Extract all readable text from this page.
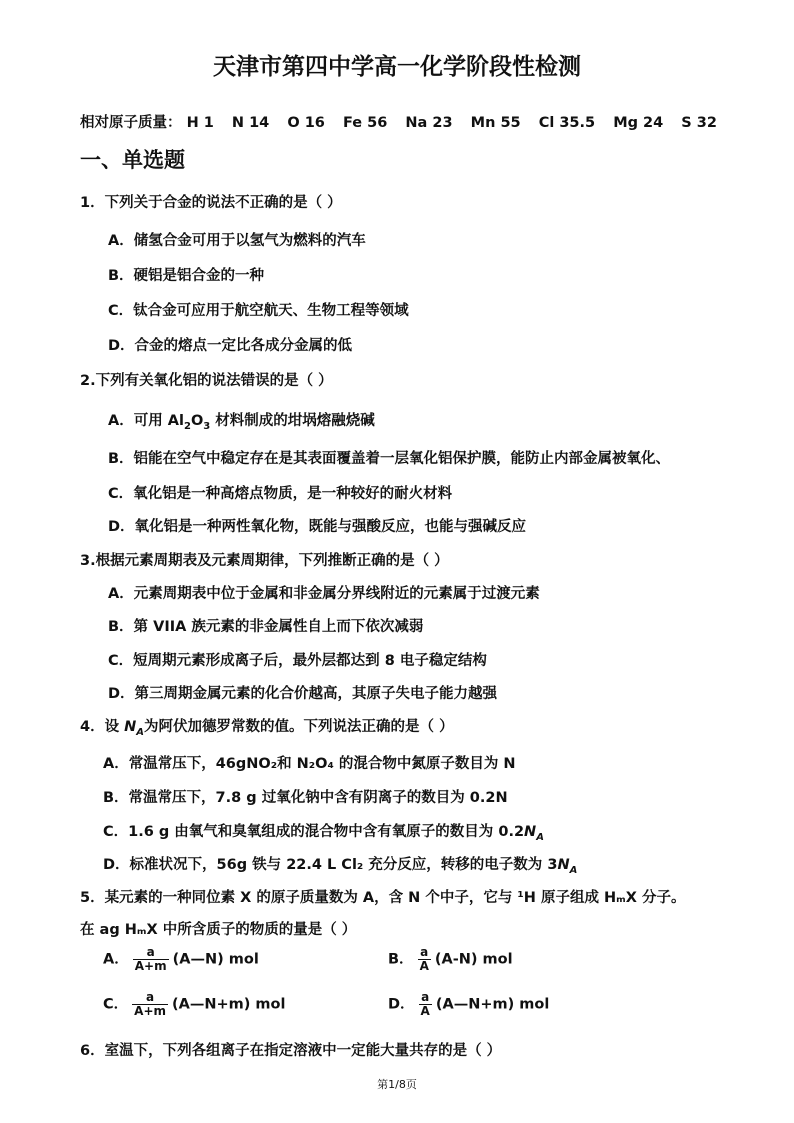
天津市第四中学高一化学阶段性检测
相对原子质量： H 1 N 14 O 16 Fe 56 Na 23 Mn 55 Cl 35.5 Mg 24 S 32
一、单选题
1．下列关于合金的说法不正确的是（ ）
A．储氢合金可用于以氢气为燃料的汽车
B．硬铝是铝合金的一种
C．钛合金可应用于航空航天、生物工程等领域
D．合金的熔点一定比各成分金属的低
2.下列有关氧化铝的说法错误的是（ ）
A．可用 $Al_2O_3$ 材料制成的坩埚熔融烧碱
B．铝能在空气中稳定存在是其表面覆盖着一层氧化铝保护膜，能防止内部金属被氧化、
C．氧化铝是一种高熔点物质，是一种较好的耐火材料
D．氧化铝是一种两性氧化物，既能与强酸反应，也能与强碱反应
3.根据元素周期表及元素周期律，下列推断正确的是（ ）
A．元素周期表中位于金属和非金属分界线附近的元素属于过渡元素
B．第 VIIA 族元素的非金属性自上而下依次减弱
C．短周期元素形成离子后，最外层都达到 8 电子稳定结构
D．第三周期金属元素的化合价越高，其原子失电子能力越强
4．设 $N_A$为阿伏加德罗常数的值。下列说法正确的是（ ）
A．常温常压下，46gNO₂和 N₂O₄ 的混合物中氮原子数目为 N
B．常温常压下，7.8 g 过氧化钠中含有阴离子的数目为 0.2N
C．1.6 g 由氧气和臭氧组成的混合物中含有氧原子的数目为 $0.2N_A$
D．标准状况下，56g 铁与 22.4 L Cl₂ 充分反应，转移的电子数为 $3N_A$
5．某元素的一种同位素 X 的原子质量数为 A，含 N 个中子，它与 ¹H 原子组成 HₘX 分子。
在 ag HₘX 中所含质子的物质的量是（ ）
A． $\frac{a}{A+m}$ (A—N) mol	B． $\frac{a}{A} (A-N)$ mol
C． $\frac{a}{A+m}$ (A—N+m) mol	D． $\frac{a}{A}$ (A—N+m) mol
6．室温下，下列各组离子在指定溶液中一定能大量共存的是（ ）
第1/8页
